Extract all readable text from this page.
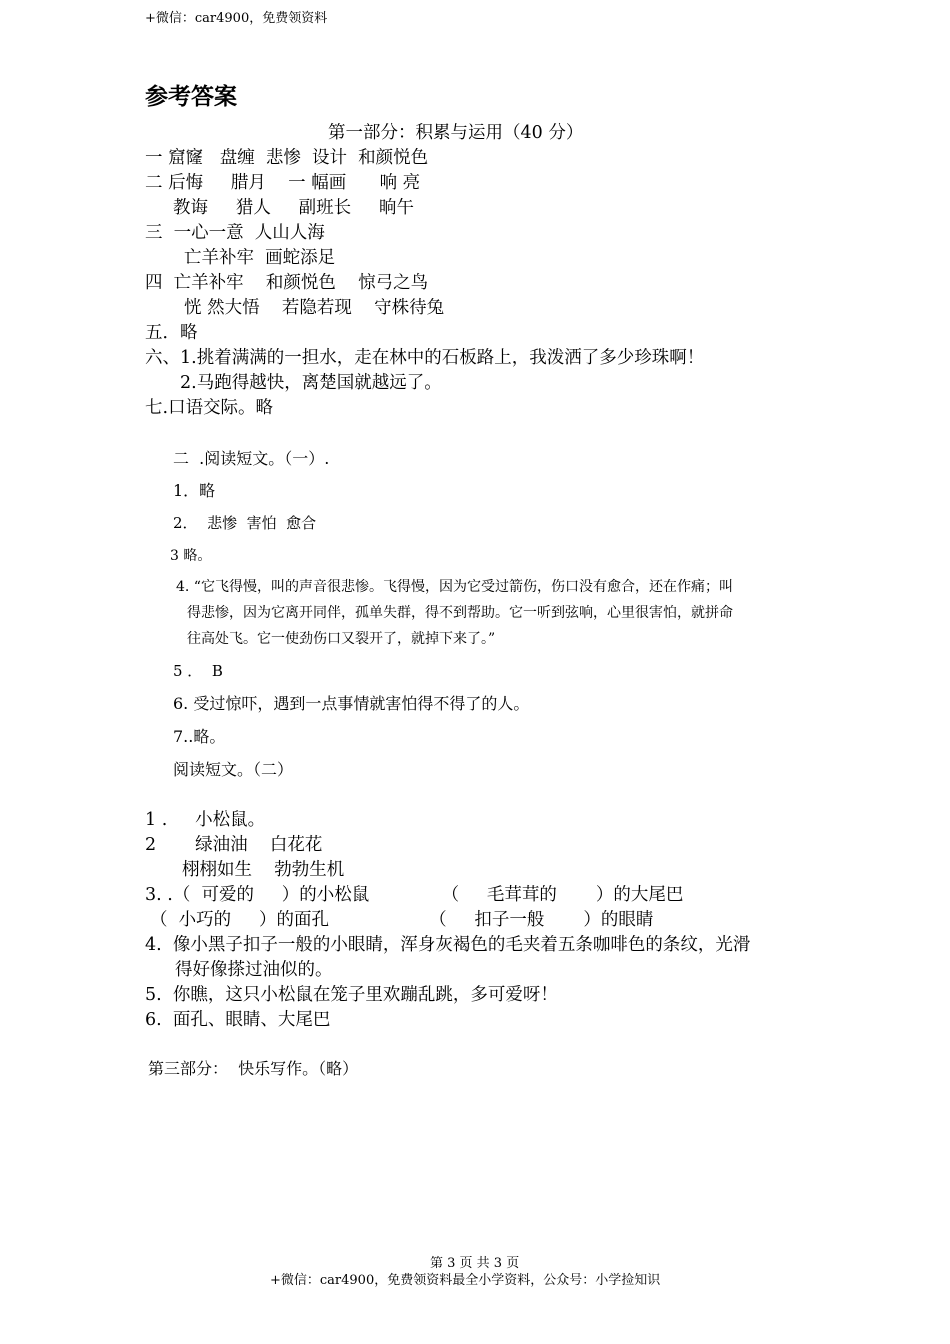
+微信：car4900，免费领资料
参考答案
第一部分：积累与运用（40 分）
一 窟窿   盘缠  悲惨  设计  和颜悦色
二 后悔     腊月    一 幅画      响 亮
教诲     猎人     副班长     晌午
三  一心一意  人山人海
亡羊补牢  画蛇添足
四  亡羊补牢    和颜悦色    惊弓之鸟
恍 然大悟    若隐若现    守株待兔
五．略
六、1.挑着满满的一担水，走在林中的石板路上，我泼洒了多少珍珠啊！
2.马跑得越快，离楚国就越远了。
七.口语交际。略
二  .阅读短文。（一）.
1．略
2．  悲惨  害怕  愈合
3 略。
4. “它飞得慢，叫的声音很悲惨。飞得慢，因为它受过箭伤，伤口没有愈合，还在作痛；叫
得悲惨，因为它离开同伴，孤单失群，得不到帮助。它一听到弦响，心里很害怕，就拼命
往高处飞。它一使劲伤口又裂开了，就掉下来了。”
5 ．  B
6. 受过惊吓，遇到一点事情就害怕得不得了的人。
7..略。
阅读短文。（二）
1 .     小松鼠。
2       绿油油    白花花
栩栩如生    勃勃生机
3. .（  可爱的     ）的小松鼠             （     毛茸茸的       ）的大尾巴
（  小巧的     ）的面孔                  （     扣子一般       ）的眼睛
4.  像小黑子扣子一般的小眼睛，浑身灰褐色的毛夹着五条咖啡色的条纹，光滑
得好像搽过油似的。
5.  你瞧，这只小松鼠在笼子里欢蹦乱跳，多可爱呀！
6.  面孔、眼睛、大尾巴
第三部分：  快乐写作。（略）
第 3 页 共 3 页
+微信：car4900，免费领资料最全小学资料，公众号：小学捡知识
